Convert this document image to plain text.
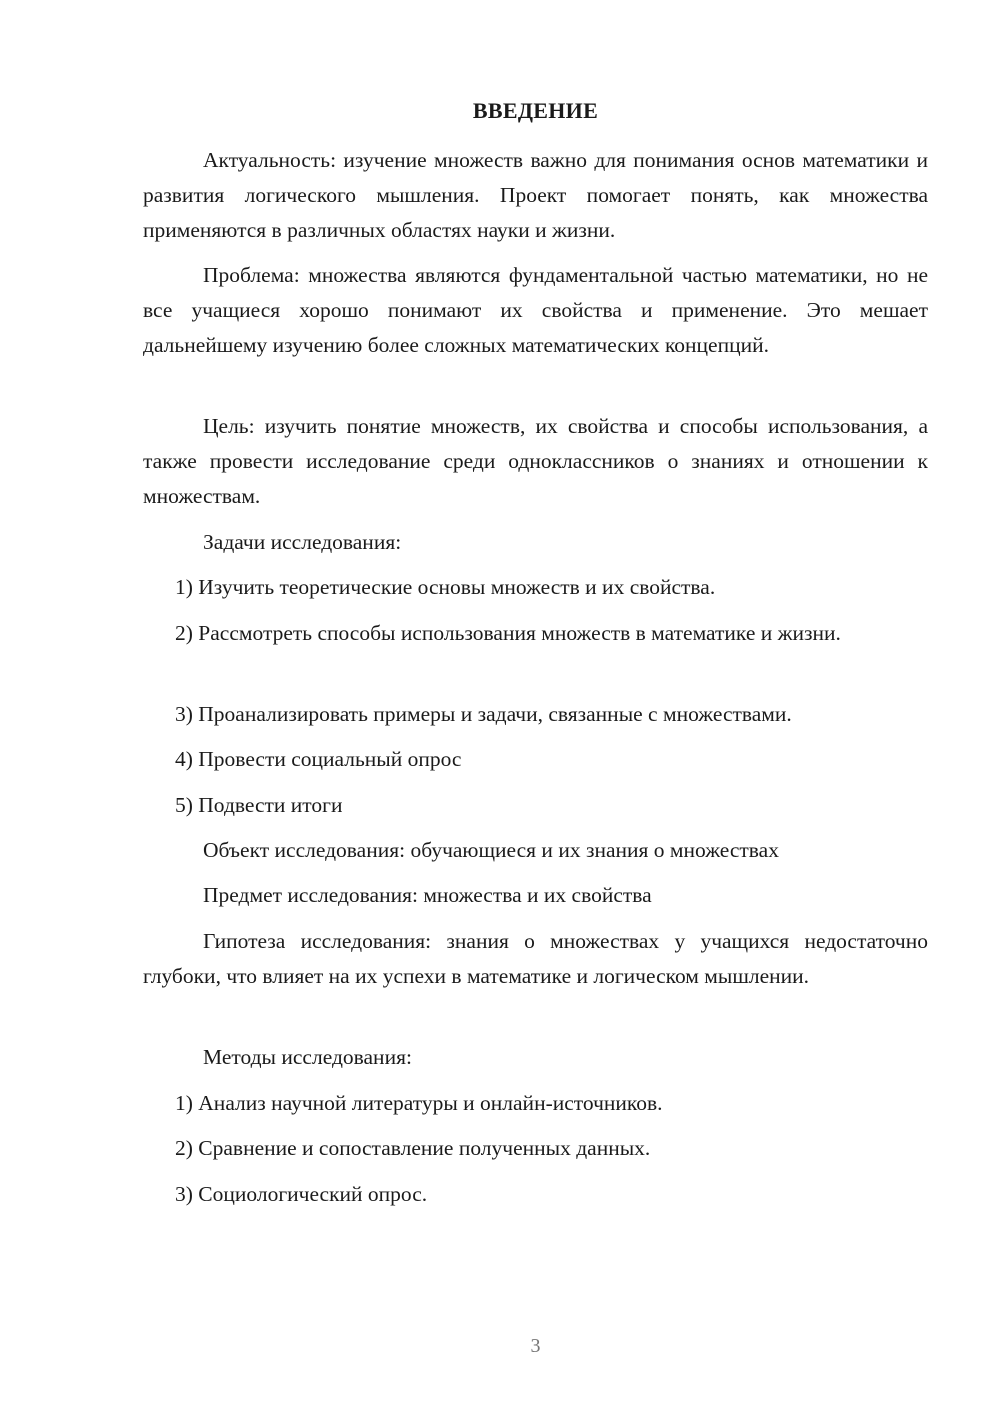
ВВЕДЕНИЕ

Актуальность: изучение множеств важно для понимания основ математики и развития логического мышления. Проект помогает понять, как множества применяются в различных областях науки и жизни.

Проблема: множества являются фундаментальной частью математики, но не все учащиеся хорошо понимают их свойства и применение. Это мешает дальнейшему изучению более сложных математических концепций.

Цель: изучить понятие множеств, их свойства и способы использования, а также провести исследование среди одноклассников о знаниях и отношении к множествам.

Задачи исследования:

1) Изучить теоретические основы множеств и их свойства.

2) Рассмотреть способы использования множеств в математике и жизни.

3) Проанализировать примеры и задачи, связанные с множествами.

4) Провести социальный опрос

5) Подвести итоги

Объект исследования: обучающиеся и их знания о множествах

Предмет исследования: множества и их свойства

Гипотеза исследования: знания о множествах у учащихся недостаточно глубоки, что влияет на их успехи в математике и логическом мышлении.

Методы исследования:

1) Анализ научной литературы и онлайн-источников.

2) Сравнение и сопоставление полученных данных.

3) Социологический опрос.

3
